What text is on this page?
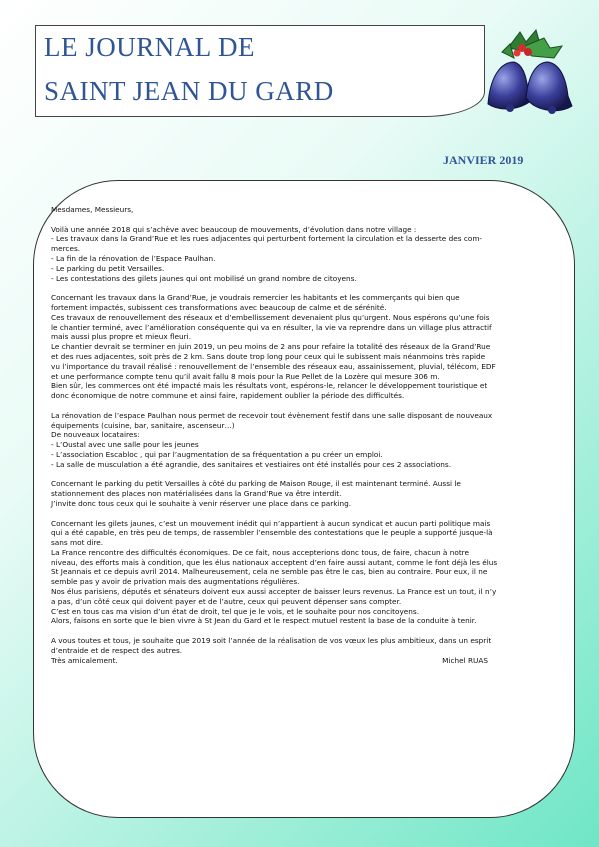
LE JOURNAL DE
SAINT JEAN DU GARD
JANVIER 2019

Mesdames, Messieurs,

Voilà une année 2018 qui s’achève avec beaucoup de mouvements, d’évolution dans notre village :

- Les travaux dans la Grand’Rue et les rues adjacentes qui perturbent fortement la circulation et la desserte des com-

merces.

- La fin de la rénovation de l’Espace Paulhan.

- Le parking du petit Versailles.

- Les contestations des gilets jaunes qui ont mobilisé un grand nombre de citoyens.

Concernant les travaux dans la Grand’Rue, je voudrais remercier les habitants et les commerçants qui bien que

fortement impactés, subissent ces transformations avec beaucoup de calme et de sérénité.

Ces travaux de renouvellement des réseaux et d’embellissement devenaient plus qu’urgent. Nous espérons qu’une fois

le chantier terminé, avec l’amélioration conséquente qui va en résulter, la vie va reprendre dans un village plus attractif

mais aussi plus propre et mieux fleuri.

Le chantier devrait se terminer en juin 2019, un peu moins de 2 ans pour refaire la totalité des réseaux de la Grand’Rue

et des rues adjacentes, soit près de 2 km. Sans doute trop long pour ceux qui le subissent mais néanmoins très rapide

vu l’importance du travail réalisé : renouvellement de l’ensemble des réseaux eau, assainissement, pluvial, télécom, EDF

et une performance compte tenu qu’il avait fallu 8 mois pour la Rue Pellet de la Lozère qui mesure 306 m.

Bien sûr, les commerces ont été impacté mais les résultats vont, espérons-le, relancer le développement touristique et

donc économique de notre commune et ainsi faire, rapidement oublier la période des difficultés.

La rénovation de l’espace Paulhan nous permet de recevoir tout évènement festif dans une salle disposant de nouveaux

équipements (cuisine, bar, sanitaire, ascenseur…)

De nouveaux locataires:

- L’Oustal avec une salle pour les jeunes

- L’association Escabloc , qui par l’augmentation de sa fréquentation a pu créer un emploi.

- La salle de musculation a été agrandie, des sanitaires et vestiaires ont été installés pour ces 2 associations.

Concernant le parking du petit Versailles à côté du parking de Maison Rouge, il est maintenant terminé. Aussi le

stationnement des places non matérialisées dans la Grand’Rue va être interdit.

J’invite donc tous ceux qui le souhaite à venir réserver une place dans ce parking.

Concernant les gilets jaunes, c’est un mouvement inédit qui n’appartient à aucun syndicat et aucun parti politique mais

qui a été capable, en très peu de temps, de rassembler l’ensemble des contestations que le peuple a supporté jusque-là

sans mot dire.

La France rencontre des difficultés économiques. De ce fait, nous accepterions donc tous, de faire, chacun à notre

niveau, des efforts mais à condition, que les élus nationaux acceptent d’en faire aussi autant, comme le font déjà les élus

St Jeannais et ce depuis avril 2014. Malheureusement, cela ne semble pas être le cas, bien au contraire. Pour eux, il ne

semble pas y avoir de privation mais des augmentations régulières.

Nos élus parisiens, députés et sénateurs doivent eux aussi accepter de baisser leurs revenus. La France est un tout, il n’y

a pas, d’un côté ceux qui doivent payer et de l’autre, ceux qui peuvent dépenser sans compter.

C’est en tous cas ma vision d’un état de droit, tel que je le vois, et le souhaite pour nos concitoyens.

Alors, faisons en sorte que le bien vivre à St Jean du Gard et le respect mutuel restent la base de la conduite à tenir.

A vous toutes et tous, je souhaite que 2019 soit l’année de la réalisation de vos vœux les plus ambitieux, dans un esprit

d’entraide et de respect des autres.

Très amicalement.	Michel RUAS
